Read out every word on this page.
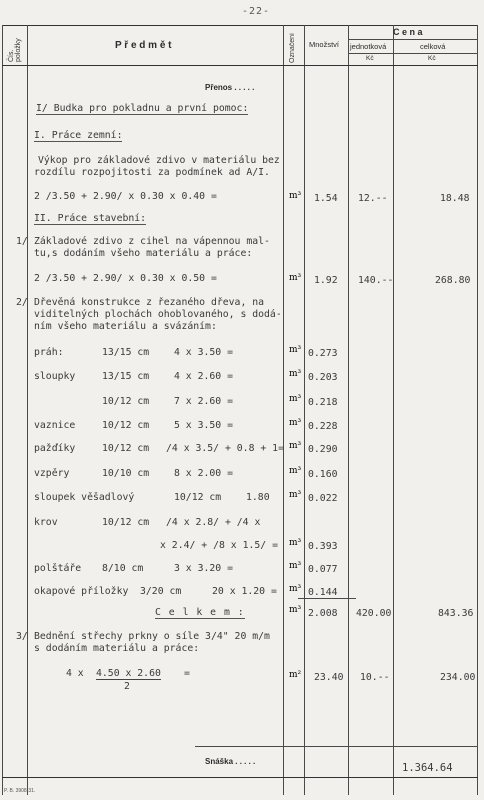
-22-
Čís. položky	P ř e d m ě t	Označení Množství
C e n a
jednotková	celková
Kč	Kč
Přenos . . . . .
I/ Budka pro pokladnu a první pomoc:
I. Práce zemní:
Výkop pro základové zdivo v materiálu bez
rozdílu rozpojitosti za podmínek ad A/I.
2 /3.50 + 2.90/ x 0.30 x 0.40 =	m³ 1.54 12.--	18.48
II. Práce stavební:
1/ Základové zdivo z cihel na vápennou mal-
tu,s dodáním všeho materiálu a práce:
2 /3.50 + 2.90/ x 0.30 x 0.50 =	m³ 1.92 140.--	268.80
2/ Dřevěná konstrukce z řezaného dřeva, na
viditelných plochách ohoblovaného, s dodá-
ním všeho materiálu a svázáním:
práh:	13/15 cm	4 x 3.50 =	m³ 0.273
sloupky	13/15 cm	4 x 2.60 =	m³ 0.203
10/12 cm	7 x 2.60 =	m³ 0.218
vaznice	10/12 cm	5 x 3.50 =	m³ 0.228
pažďíky	10/12 cm /4 x 3.5/ + 0.8 + 1= m³ 0.290
vzpěry	10/10 cm	8 x 2.00 =	m³ 0.160
sloupek věšadlový	10/12 cm	1.80 m³ 0.022
krov	10/12 cm /4 x 2.8/ + /4 x
x 2.4/ + /8 x 1.5/ = m³ 0.393
polštáře 8/10 cm	3 x 3.20 =	m³ 0.077
okapové příložky 3/20 cm	20 x 1.20 = m³ 0.144
C e l k e m :	m³ 2.008 420.00	843.36
3/ Bednění střechy prkny o síle 3/4" 20 m/m
s dodáním materiálu a práce:
4 x 4.50 x 2.60
2
=	m² 23.40 10.--	234.00
Snáška . . . . .
1.364.64
P. B. 3908-31.
